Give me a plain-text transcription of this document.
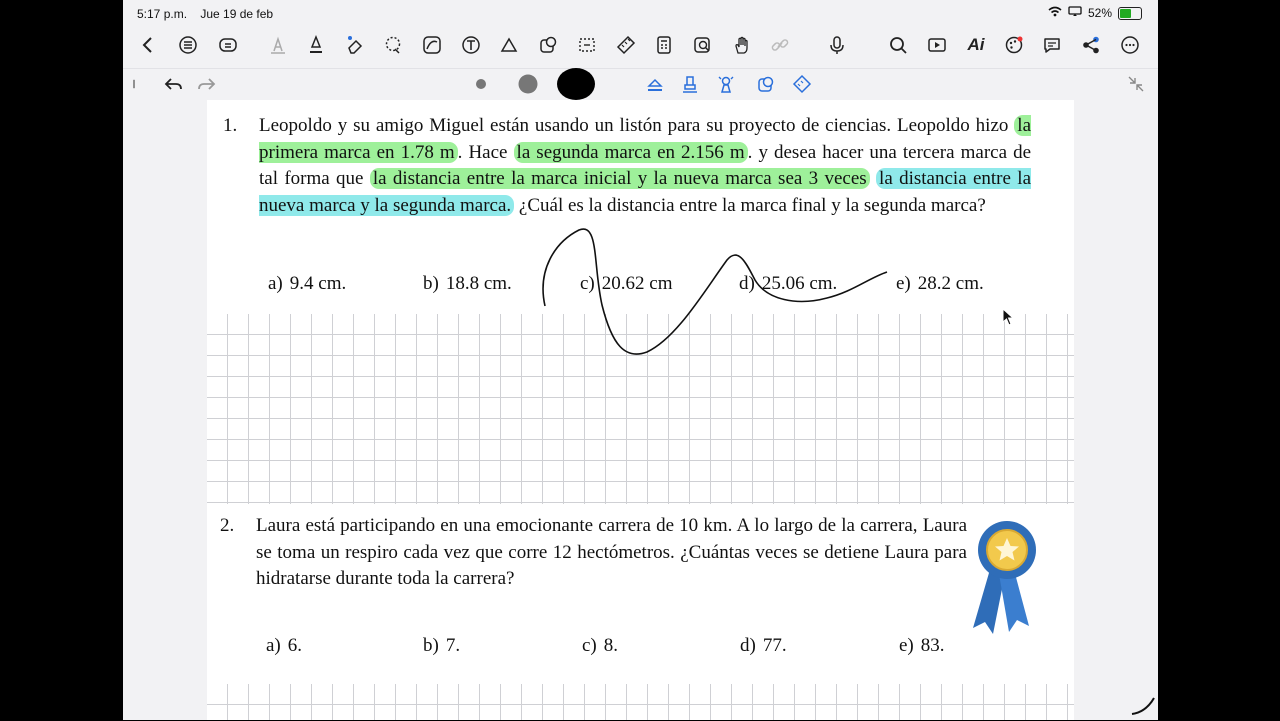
5:17 p.m. Jue 19 de feb	52%
Ai
1. Leopoldo y su amigo Miguel están usando un listón para su proyecto de ciencias. Leopoldo hizo la primera marca en 1.78 m . Hace la segunda marca en 2.156 m . y desea hacer una tercera marca de tal forma que la distancia entre la marca inicial y la nueva marca sea 3 veces la distancia entre la nueva marca y la segunda marca. ¿Cuál es la distancia entre la marca final y la segunda marca?
a) 9.4 cm.	b) 18.8 cm.	c) 20.62 cm	d) 25.06 cm.	e) 28.2 cm.
2. Laura está participando en una emocionante carrera de 10 km. A lo largo de la carrera, Laura se toma un respiro cada vez que corre 12 hectómetros. ¿Cuántas veces se detiene Laura para hidratarse durante toda la carrera?
a) 6.	b) 7.	c) 8.	d) 77.	e) 83.
